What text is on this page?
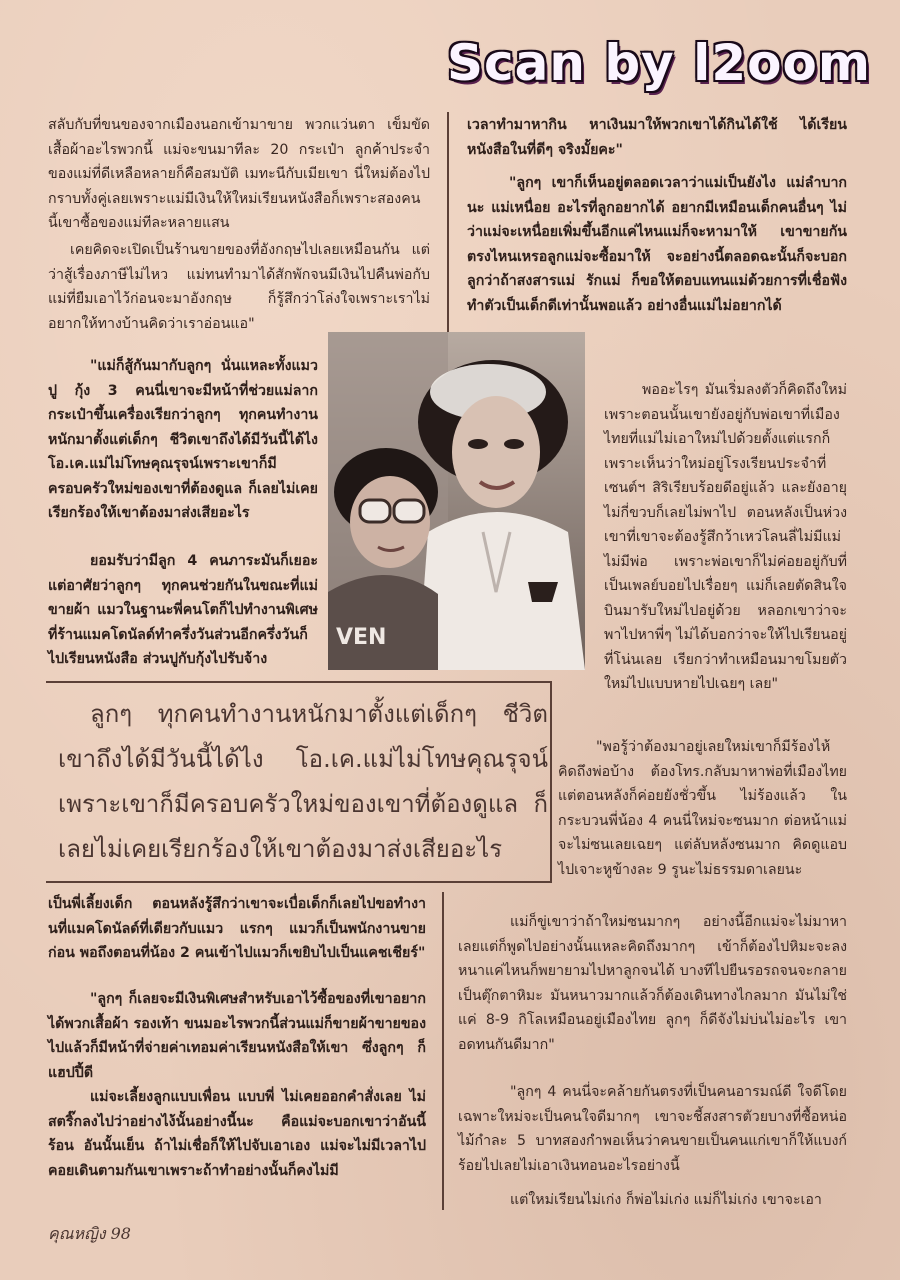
Scan by l2oom

สลับกับที่ขนของจากเมืองนอกเข้ามาขาย พวกแว่นตา เข็มขัด เสื้อผ้าอะไรพวกนี้ แม่จะขนมาทีละ 20 กระเป๋า ลูกค้าประจำของแม่ที่ดีเหลือหลายก็คือสมบัติ เมทะนีกับเมียเขา นี่ใหม่ต้องไปกราบทั้งคู่เลยเพราะแม่มีเงินให้ใหม่เรียนหนังสือก็เพราะสองคนนี้เขาซื้อของแม่ทีละหลายแสน

เคยคิดจะเปิดเป็นร้านขายของที่อังกฤษไปเลยเหมือนกัน แต่ว่าสู้เรื่องภาษีไม่ไหว แม่ทนทำมาได้สักพักจนมีเงินไปคืนพ่อกับแม่ที่ยืมเอาไว้ก่อนจะมาอังกฤษ ก็รู้สึกว่าโล่งใจเพราะเราไม่อยากให้ทางบ้านคิดว่าเราอ่อนแอ"

"แม่ก็สู้กันมากับลูกๆ นั่นแหละทั้งแมว ปู กุ้ง 3 คนนี่เขาจะมีหน้าที่ช่วยแม่ลากกระเป๋าขึ้นเครื่องเรียกว่าลูกๆ ทุกคนทำงานหนักมาตั้งแต่เด็กๆ ชีวิตเขาถึงได้มีวันนี้ได้ไง โอ.เค.แม่ไม่โทษคุณรุจน์เพราะเขาก็มีครอบครัวใหม่ของเขาที่ต้องดูแล ก็เลยไม่เคยเรียกร้องให้เขาต้องมาส่งเสียอะไร

ยอมรับว่ามีลูก 4 คนภาระมันก็เยอะแต่อาศัยว่าลูกๆ ทุกคนช่วยกันในขณะที่แม่ขายผ้า แมวในฐานะพี่คนโตก็ไปทำงานพิเศษที่ร้านแมคโดนัลด์ทำครึ่งวันส่วนอีกครึ่งวันก็ไปเรียนหนังสือ ส่วนปูกับกุ้งไปรับจ้าง

VEN

เวลาทำมาหากิน หาเงินมาให้พวกเขาได้กินได้ใช้ ได้เรียนหนังสือในที่ดีๆ จริงมั้ยคะ"

"ลูกๆ เขาก็เห็นอยู่ตลอดเวลาว่าแม่เป็นยังไง แม่ลำบากนะ แม่เหนื่อย อะไรที่ลูกอยากได้ อยากมีเหมือนเด็กคนอื่นๆ ไม่ว่าแม่จะเหนื่อยเพิ่มขึ้นอีกแค่ไหนแม่ก็จะหามาให้ เขาขายกันตรงไหนเหรอลูกแม่จะซื้อมาให้ จะอย่างนี้ตลอดฉะนั้นก็จะบอกลูกว่าถ้าสงสารแม่ รักแม่ ก็ขอให้ตอบแทนแม่ด้วยการที่เชื่อฟังทำตัวเป็นเด็กดีเท่านั้นพอแล้ว อย่างอื่นแม่ไม่อยากได้

พออะไรๆ มันเริ่มลงตัวก็คิดถึงใหม่เพราะตอนนั้นเขายังอยู่กับพ่อเขาที่เมืองไทยที่แม่ไม่เอาใหม่ไปด้วยตั้งแต่แรกก็เพราะเห็นว่าใหม่อยู่โรงเรียนประจำที่เซนต์ฯ สิริเรียบร้อยดีอยู่แล้ว และยังอายุไม่กี่ขวบก็เลยไม่พาไป ตอนหลังเป็นห่วงเขาที่เขาจะต้องรู้สึกว้าเหว่โลนลี่ไม่มีแม่ ไม่มีพ่อ เพราะพ่อเขาก็ไม่ค่อยอยู่กับที่เป็นเพลย์บอยไปเรื่อยๆ แม่ก็เลยตัดสินใจบินมารับใหม่ไปอยู่ด้วย หลอกเขาว่าจะพาไปหาพี่ๆ ไม่ได้บอกว่าจะให้ไปเรียนอยู่ที่โน่นเลย เรียกว่าทำเหมือนมาขโมยตัวใหม่ไปแบบหายไปเฉยๆ เลย"

ลูกๆ ทุกคนทำงานหนักมาตั้งแต่เด็กๆ ชีวิตเขาถึงได้มีวันนี้ได้ไง โอ.เค.แม่ไม่โทษคุณรุจน์เพราะเขาก็มีครอบครัวใหม่ของเขาที่ต้องดูแล ก็เลยไม่เคยเรียกร้องให้เขาต้องมาส่งเสียอะไร

"พอรู้ว่าต้องมาอยู่เลยใหม่เขาก็มีร้องไห้คิดถึงพ่อบ้าง ต้องโทร.กลับมาหาพ่อที่เมืองไทย แต่ตอนหลังก็ค่อยยังชั่วขึ้น ไม่ร้องแล้ว ในกระบวนพี่น้อง 4 คนนี่ใหม่จะซนมาก ต่อหน้าแม่จะไม่ซนเลยเฉยๆ แต่ลับหลังซนมาก คิดดูแอบไปเจาะหูข้างละ 9 รูนะไม่ธรรมดาเลยนะ

เป็นพี่เลี้ยงเด็ก ตอนหลังรู้สึกว่าเขาจะเบื่อเด็กก็เลยไปขอทำงานที่แมคโดนัลด์ที่เดียวกับแมว แรกๆ แมวก็เป็นพนักงานขายก่อน พอถึงตอนที่น้อง 2 คนเข้าไปแมวก็เขยิบไปเป็นแคชเชียร์"

"ลูกๆ ก็เลยจะมีเงินพิเศษสำหรับเอาไว้ซื้อของที่เขาอยากได้พวกเสื้อผ้า รองเท้า ขนมอะไรพวกนี้ส่วนแม่ก็ขายผ้าขายของไปแล้วก็มีหน้าที่จ่ายค่าเทอมค่าเรียนหนังสือให้เขา ซึ่งลูกๆ ก็แฮปปี้ดี

แม่จะเลี้ยงลูกแบบเพื่อน แบบพี่ ไม่เคยออกคำสั่งเลย ไม่สตริ๊กลงไปว่าอย่างไง้นั้นอย่างนี้นะ คือแม่จะบอกเขาว่าอันนี้ร้อน อันนั้นเย็น ถ้าไม่เชื่อก็ให้ไปจับเอาเอง แม่จะไม่มีเวลาไปคอยเดินตามกันเขาเพราะถ้าทำอย่างนั้นก็คงไม่มี

แม่ก็ขู่เขาว่าถ้าใหม่ซนมากๆ อย่างนี้อีกแม่จะไม่มาหาเลยแต่ก็พูดไปอย่างนั้นแหละคิดถึงมากๆ เข้าก็ต้องไปหิมะจะลงหนาแค่ไหนก็พยายามไปหาลูกจนได้ บางทีไปยืนรอรถจนจะกลายเป็นตุ๊กตาหิมะ มันหนาวมากแล้วก็ต้องเดินทางไกลมาก มันไม่ใช่แค่ 8-9 กิโลเหมือนอยู่เมืองไทย ลูกๆ ก็ดีจังไม่บ่นไม่อะไร เขาอดทนกันดีมาก"

"ลูกๆ 4 คนนี่จะคล้ายกันตรงที่เป็นคนอารมณ์ดี ใจดีโดยเฉพาะใหม่จะเป็นคนใจดีมากๆ เขาจะชี้สงสารตัวยบางที่ซื้อหน่อไม้กำละ 5 บาทสองกำพอเห็นว่าคนขายเป็นคนแก่เขาก็ให้แบงก์ร้อยไปเลยไม่เอาเงินทอนอะไรอย่างนี้

แต่ใหม่เรียนไม่เก่ง ก็พ่อไม่เก่ง แม่ก็ไม่เก่ง เขาจะเอา

คุณหญิง 98
